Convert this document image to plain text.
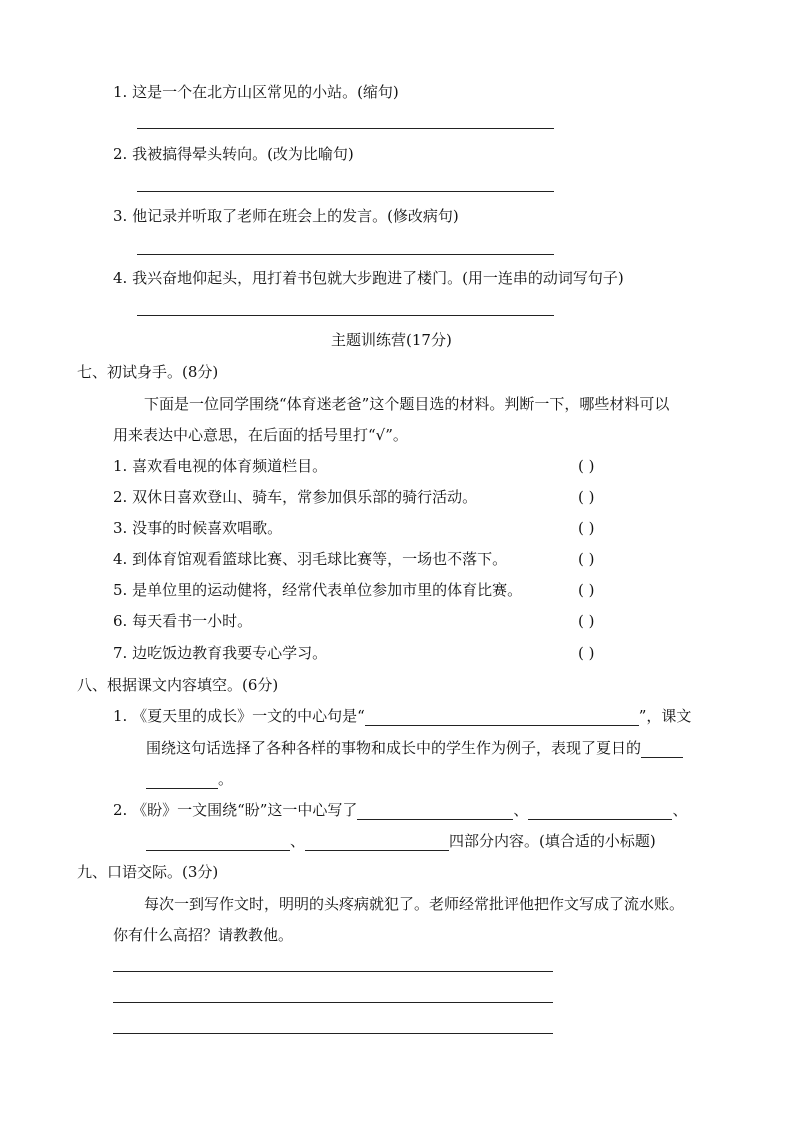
1. 这是一个在北方山区常见的小站。(缩句)
2. 我被搞得晕头转向。(改为比喻句)
3. 他记录并听取了老师在班会上的发言。(修改病句)
4. 我兴奋地仰起头，甩打着书包就大步跑进了楼门。(用一连串的动词写句子)
主题训练营(17分)
七、初试身手。(8分)
下面是一位同学围绕“体育迷老爸”这个题目选的材料。判断一下，哪些材料可以
用来表达中心意思，在后面的括号里打“√”。
1. 喜欢看电视的体育频道栏目。	( )
2. 双休日喜欢登山、骑车，常参加俱乐部的骑行活动。	( )
3. 没事的时候喜欢唱歌。	( )
4. 到体育馆观看篮球比赛、羽毛球比赛等，一场也不落下。	( )
5. 是单位里的运动健将，经常代表单位参加市里的体育比赛。	( )
6. 每天看书一小时。	( )
7. 边吃饭边教育我要专心学习。	( )
八、根据课文内容填空。(6分)
1. 《夏天里的成长》一文的中心句是“	”，课文
围绕这句话选择了各种各样的事物和成长中的学生作为例子，表现了夏日的
。
2. 《盼》一文围绕“盼”这一中心写了	、	、
、	四部分内容。(填合适的小标题)
九、口语交际。(3分)
每次一到写作文时，明明的头疼病就犯了。老师经常批评他把作文写成了流水账。
你有什么高招？请教教他。
